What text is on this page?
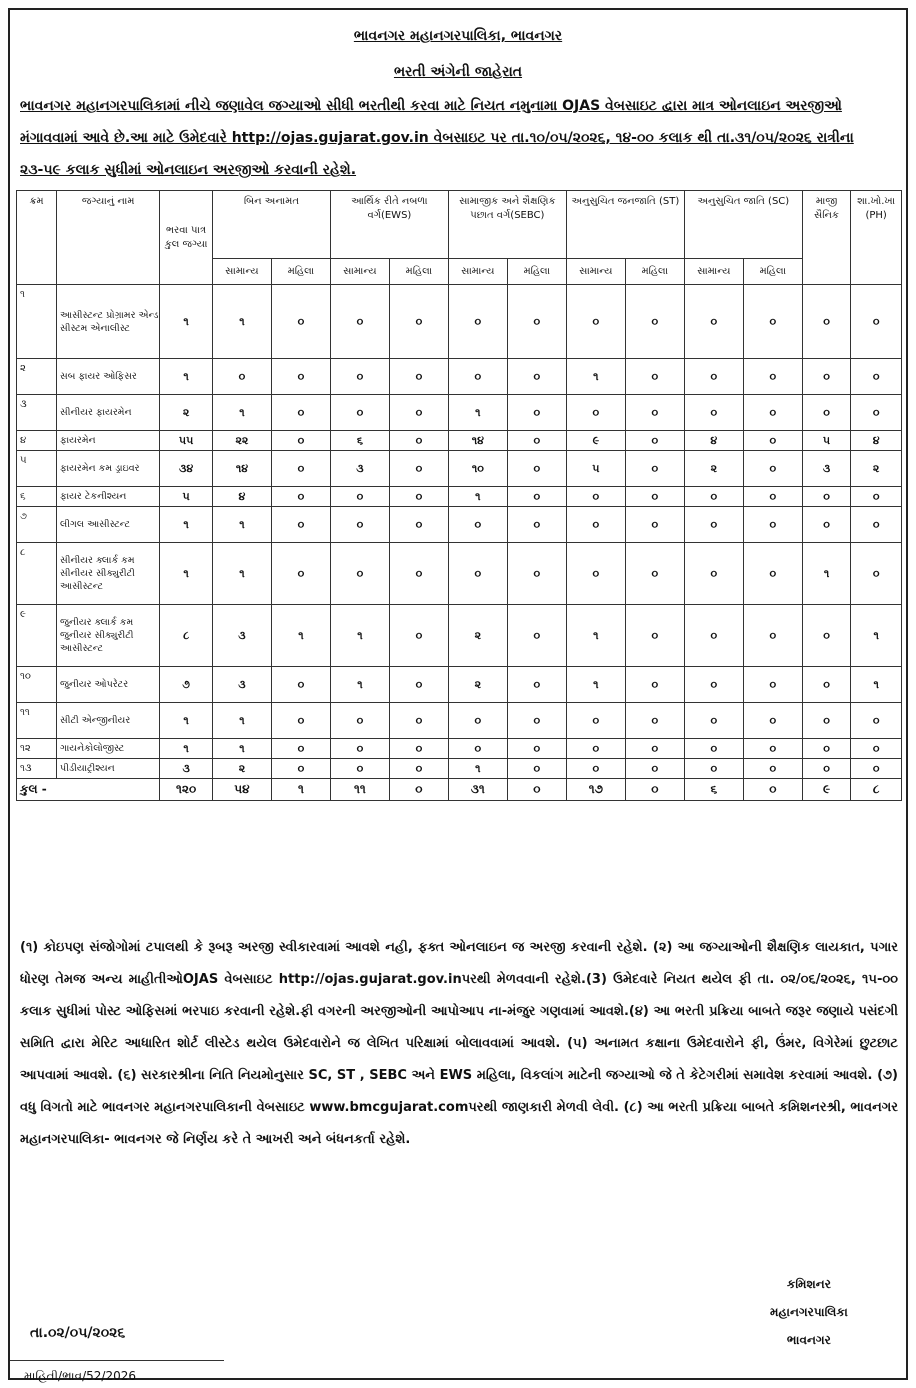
ભાવનગર મહાનગરપાલિકા, ભાવનગર
ભરતી અંગેની જાહેરાત
ભાવનગર મહાનગરપાલિકામાં નીચે જણાવેલ જગ્યાઓ સીધી ભરતીથી કરવા માટે નિયત નમુનામા OJAS વેબસાઇટ દ્વારા માત્ર ઓનલાઇન અરજીઓ મંગાવવામાં આવે છે.આ માટે ઉમેદવારે http://ojas.gujarat.gov.in વેબસાઇટ પર તા.૧૦/૦૫/૨૦૨૬, ૧૪-૦૦ કલાક થી તા.૩૧/૦૫/૨૦૨૬ રાત્રીના ૨૩-૫૯ કલાક સુધીમાં ઓનલાઇન અરજીઓ કરવાની રહેશે.
ક્રમ	જગ્યાનું નામ	ભરવા પાત્ર કુલ જગ્યા	બિન અનામત		આર્થિક રીતે નબળા વર્ગ(EWS)		સામાજીક અને શૈક્ષણિક પછાત વર્ગ(SEBC)		અનુસુચિત જનજાતિ (ST)		અનુસુચિત જાતિ (SC)		માજી સૈનિક	શા.ખો.ખા (PH)
			સામાન્ય	મહિલા	સામાન્ય	મહિલા	સામાન્ય	મહિલા	સામાન્ય	મહિલા	સામાન્ય	મહિલા		
૧	આસીસ્ટન્ટ પ્રોગ્રામર એન્ડ સીસ્ટમ એનાલીસ્ટ	૧	૧	૦	૦	૦	૦	૦	૦	૦	૦	૦	૦	૦
૨	સબ ફાયર ઓફિસર	૧	૦	૦	૦	૦	૦	૦	૧	૦	૦	૦	૦	૦
૩	સીનીયર ફાયરમેન	૨	૧	૦	૦	૦	૧	૦	૦	૦	૦	૦	૦	૦
૪	ફાયરમેન	૫૫	૨૨	૦	૬	૦	૧૪	૦	૯	૦	૪	૦	૫	૪
૫	ફાયરમેન કમ ડ્રાઇવર	૩૪	૧૪	૦	૩	૦	૧૦	૦	૫	૦	૨	૦	૩	૨
૬	ફાયર ટેકનીશ્યન	૫	૪	૦	૦	૦	૧	૦	૦	૦	૦	૦	૦	૦
૭	લીગલ આસીસ્ટન્ટ	૧	૧	૦	૦	૦	૦	૦	૦	૦	૦	૦	૦	૦
૮	સીનીયર ક્લાર્ક કમ સીનીયર સીક્યુરીટી આસીસ્ટન્ટ	૧	૧	૦	૦	૦	૦	૦	૦	૦	૦	૦	૧	૦
૯	જુનીયર ક્લાર્ક કમ જુનીયર સીક્યુરીટી આસીસ્ટન્ટ	૮	૩	૧	૧	૦	૨	૦	૧	૦	૦	૦	૦	૧
૧૦	જુનીયર ઓપરેટર	૭	૩	૦	૧	૦	૨	૦	૧	૦	૦	૦	૦	૧
૧૧	સીટી એન્જીનીયર	૧	૧	૦	૦	૦	૦	૦	૦	૦	૦	૦	૦	૦
૧૨	ગાયનેકોલોજીસ્ટ	૧	૧	૦	૦	૦	૦	૦	૦	૦	૦	૦	૦	૦
૧૩	પીડીયાટ્રીશ્યન	૩	૨	૦	૦	૦	૧	૦	૦	૦	૦	૦	૦	૦
કુલ -		૧૨૦	૫૪	૧	૧૧	૦	૩૧	૦	૧૭	૦	૬	૦	૯	૮
(૧) કોઇપણ સંજોગોમાં ટપાલથી કે રૂબરૂ અરજી સ્વીકારવામાં આવશે નહી, ફક્ત ઓનલાઇન જ અરજી કરવાની રહેશે. (૨) આ જગ્યાઓની શૈક્ષણિક લાયકાત, પગાર ધોરણ તેમજ અન્ય માહીતીઓOJAS વેબસાઇટ http://ojas.gujarat.gov.inપરથી મેળવવાની રહેશે.(3) ઉમેદવારે નિયત થયેલ ફી તા. ૦૨/૦૬/૨૦૨૬, ૧૫-૦૦ કલાક સુધીમાં પોસ્ટ ઓફિસમાં ભરપાઇ કરવાની રહેશે.ફી વગરની અરજીઓની આપોઆપ ના-મંજુર ગણવામાં આવશે.(૪) આ ભરતી પ્રક્રિયા બાબતે જરૂર જણાયે પસંદગી સમિતિ દ્વારા મેરિટ આધારિત શોર્ટ લીસ્ટેડ થયેલ ઉમેદવારોને જ લેખિત પરિક્ષામાં બોલાવવામાં આવશે. (૫) અનામત કક્ષાના ઉમેદવારોને ફી, ઉંમર, વિગેરેમાં છુટછાટ આપવામાં આવશે. (૬) સરકારશ્રીના નિતિ નિયમોનુસાર SC, ST , SEBC અને EWS મહિલા, વિકલાંગ માટેની જગ્યાઓ જે તે કેટેગરીમાં સમાવેશ કરવામાં આવશે. (૭) વધુ વિગતો માટે ભાવનગર મહાનગરપાલિકાની વેબસાઇટ www.bmcgujarat.comપરથી જાણકારી મેળવી લેવી. (૮) આ ભરતી પ્રક્રિયા બાબતે કમિશનરશ્રી, ભાવનગર મહાનગરપાલિકા- ભાવનગર જે નિર્ણય કરે તે આખરી અને બંધનકર્તા રહેશે.
કમિશનર
મહાનગરપાલિકા
ભાવનગર
તા.૦૨/૦૫/૨૦૨૬
માહિતી/ભાવ/52/2026
